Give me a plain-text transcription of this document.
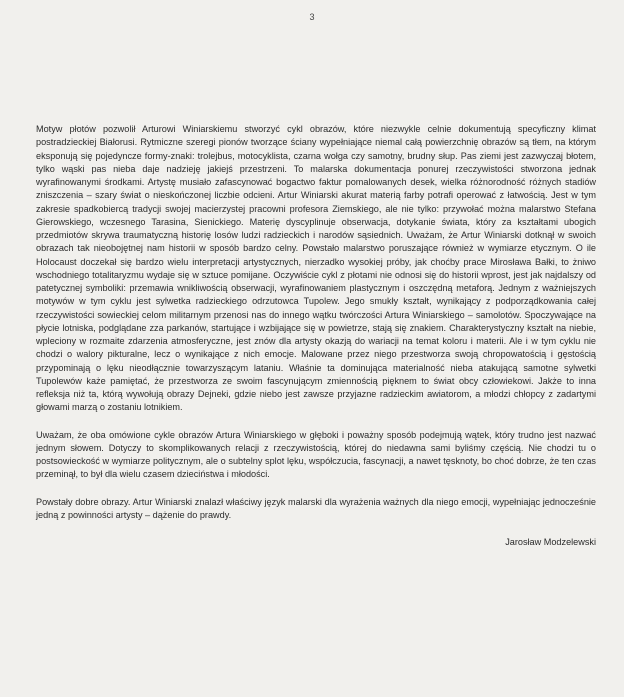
3

Motyw płotów pozwolił Arturowi Winiarskiemu stworzyć cykl obrazów, które niezwykle celnie dokumentują specyficzny klimat postradzieckiej Białorusi. Rytmiczne szeregi pionów tworzące ściany wypełniające niemal całą powierzchnię obrazów są tłem, na którym eksponują się pojedyncze formy-znaki: trolejbus, motocyklista, czarna wołga czy samotny, brudny słup. Pas ziemi jest zazwyczaj błotem, tylko wąski pas nieba daje nadzieję jakiejś przestrzeni. To malarska dokumentacja ponurej rzeczywistości stworzona jednak wyrafinowanymi środkami. Artystę musiało zafascynować bogactwo faktur pomalowanych desek, wielka różnorodność różnych stadiów zniszczenia – szary świat o nieskończonej liczbie odcieni. Artur Winiarski akurat materią farby potrafi operować z łatwością. Jest w tym zakresie spadkobiercą tradycji swojej macierzystej pracowni profesora Ziemskiego, ale nie tylko: przywołać można malarstwo Stefana Gierowskiego, wczesnego Tarasina, Sienickiego. Materię dyscyplinuje obserwacja, dotykanie świata, który za kształtami ubogich przedmiotów skrywa traumatyczną historię losów ludzi radzieckich i narodów sąsiednich. Uważam, że Artur Winiarski dotknął w swoich obrazach tak nieobojętnej nam historii w sposób bardzo celny. Powstało malarstwo poruszające również w wymiarze etycznym. O ile Holocaust doczekał się bardzo wielu interpretacji artystycznych, nierzadko wysokiej próby, jak choćby prace Mirosława Bałki, to żniwo wschodniego totalitaryzmu wydaje się w sztuce pomijane. Oczywiście cykl z płotami nie odnosi się do historii wprost, jest jak najdalszy od patetycznej symboliki: przemawia wnikliwością obserwacji, wyrafinowaniem plastycznym i oszczędną metaforą. Jednym z ważniejszych motywów w tym cyklu jest sylwetka radzieckiego odrzutowca Tupolew. Jego smukły kształt, wynikający z podporządkowania całej rzeczywistości sowieckiej celom militarnym przenosi nas do innego wątku twórczości Artura Winiarskiego – samolotów. Spoczywające na płycie lotniska, podglądane zza parkanów, startujące i wzbijające się w powietrze, stają się znakiem. Charakterystyczny kształt na niebie, wpleciony w rozmaite zdarzenia atmosferyczne, jest znów dla artysty okazją do wariacji na temat koloru i materii. Ale i w tym cyklu nie chodzi o walory pikturalne, lecz o wynikające z nich emocje. Malowane przez niego przestworza swoją chropowatością i gęstością przypominają o lęku nieodłącznie towarzyszącym lataniu. Właśnie ta dominująca materialność nieba atakującą samotne sylwetki Tupolewów każe pamiętać, że przestworza ze swoim fascynującym zmiennością pięknem to świat obcy człowiekowi. Jakże to inna refleksja niż ta, którą wywołują obrazy Dejneki, gdzie niebo jest zawsze przyjazne radzieckim awiatorom, a młodzi chłopcy z zadartymi głowami marzą o zostaniu lotnikiem.

Uważam, że oba omówione cykle obrazów Artura Winiarskiego w głęboki i poważny sposób podejmują wątek, który trudno jest nazwać jednym słowem. Dotyczy to skomplikowanych relacji z rzeczywistością, której do niedawna sami byliśmy częścią. Nie chodzi tu o postsowieckość w wymiarze politycznym, ale o subtelny splot lęku, współczucia, fascynacji, a nawet tęsknoty, bo choć dobrze, że ten czas przeminął, to był dla wielu czasem dzieciństwa i młodości.

Powstały dobre obrazy. Artur Winiarski znalazł właściwy język malarski dla wyrażenia ważnych dla niego emocji, wypełniając jednocześnie jedną z powinności artysty – dążenie do prawdy.

Jarosław Modzelewski
